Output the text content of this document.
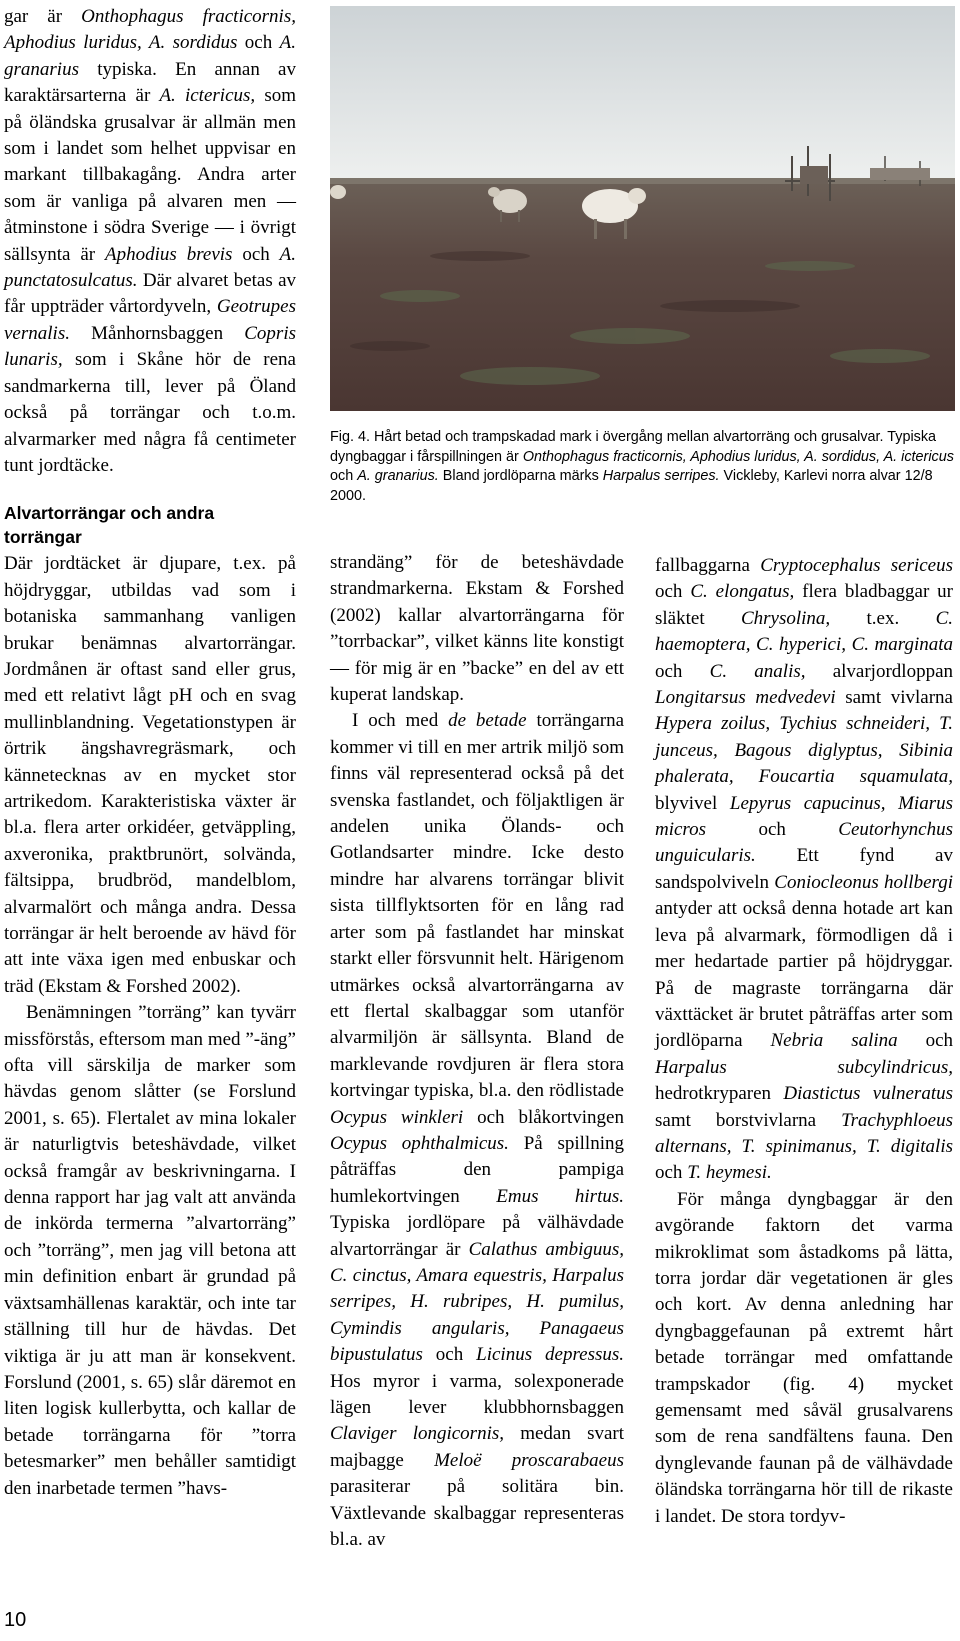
gar är Onthophagus fracticornis, Aphodius luridus, A. sordidus och A. granarius typiska. En annan av karaktärsarterna är A. ictericus, som på öländska grusalvar är allmän men som i landet som helhet uppvisar en markant tillbakagång. Andra arter som är vanliga på alvaren men — åtminstone i södra Sverige — i övrigt sällsynta är Aphodius brevis och A. punctatosulcatus. Där alvaret betas av får uppträder vårtordyveln, Geotrupes vernalis. Månhornsbaggen Copris lunaris, som i Skåne hör de rena sandmarkerna till, lever på Öland också på torrängar och t.o.m. alvarmarker med några få centimeter tunt jordtäcke.

Alvartorrängar och andra torrängar

Där jordtäcket är djupare, t.ex. på höjdryggar, utbildas vad som i botaniska sammanhang vanligen brukar benämnas alvartorrängar. Jordmånen är oftast sand eller grus, med ett relativt lågt pH och en svag mullinblandning. Vegetationstypen är örtrik ängshavregräsmark, och kännetecknas av en mycket stor artrikedom. Karakteristiska växter är bl.a. flera arter orkidéer, getväppling, axveronika, praktbrunört, solvända, fältsippa, brudbröd, mandelblom, alvarmalört och många andra. Dessa torrängar är helt beroende av hävd för att inte växa igen med enbuskar och träd (Ekstam & Forshed 2002).

Benämningen ”torräng” kan tyvärr missförstås, eftersom man med ”-äng” ofta vill särskilja de marker som hävdas genom slåtter (se Forslund 2001, s. 65). Flertalet av mina lokaler är naturligtvis beteshävdade, vilket också framgår av beskrivningarna. I denna rapport har jag valt att använda de inkörda termerna ”alvartorräng” och ”torräng”, men jag vill betona att min definition enbart är grundad på växtsamhällenas karaktär, och inte tar ställning till hur de hävdas. Det viktiga är ju att man är konsekvent. Forslund (2001, s. 65) slår däremot en liten logisk kullerbytta, och kallar de betade torrängarna för ”torra betesmarker” men behåller samtidigt den inarbetade termen ”havs-

Fig. 4. Hårt betad och trampskadad mark i övergång mellan alvartorräng och grusalvar. Typiska dyngbaggar i fårspillningen är Onthophagus fracticornis, Aphodius luridus, A. sordidus, A. ictericus och A. granarius. Bland jordlöparna märks Harpalus serripes. Vickleby, Karlevi norra alvar 12/8 2000.

strandäng” för de beteshävdade strandmarkerna. Ekstam & Forshed (2002) kallar alvartorrängarna för ”torrbackar”, vilket känns lite konstigt — för mig är en ”backe” en del av ett kuperat landskap.

I och med de betade torrängarna kommer vi till en mer artrik miljö som finns väl representerad också på det svenska fastlandet, och följaktligen är andelen unika Ölands- och Gotlandsarter mindre. Icke desto mindre har alvarens torrängar blivit sista tillflyktsorten för en lång rad arter som på fastlandet har minskat starkt eller försvunnit helt. Härigenom utmärkes också alvartorrängarna av ett flertal skalbaggar som utanför alvarmiljön är sällsynta. Bland de marklevande rovdjuren är flera stora kortvingar typiska, bl.a. den rödlistade Ocypus winkleri och blåkortvingen Ocypus ophthalmicus. På spillning påträffas den pampiga humlekortvingen Emus hirtus. Typiska jordlöpare på välhävdade alvartorrängar är Calathus ambiguus, C. cinctus, Amara equestris, Harpalus serripes, H. rubripes, H. pumilus, Cymindis angularis, Panagaeus bipustulatus och Licinus depressus. Hos myror i varma, solexponerade lägen lever klubbhornsbaggen Claviger longicornis, medan svart majbagge Meloë proscarabaeus parasiterar på solitära bin. Växtlevande skalbaggar representeras bl.a. av

fallbaggarna Cryptocephalus sericeus och C. elongatus, flera bladbaggar ur släktet Chrysolina, t.ex. C. haemoptera, C. hyperici, C. marginata och C. analis, alvarjordloppan Longitarsus medvedevi samt vivlarna Hypera zoilus, Tychius schneideri, T. junceus, Bagous diglyptus, Sibinia phalerata, Foucartia squamulata, blyvivel Lepyrus capucinus, Miarus micros och Ceutorhynchus unguicularis. Ett fynd av sandspolviveln Coniocleonus hollbergi antyder att också denna hotade art kan leva på alvarmark, förmodligen då i mer hedartade partier på höjdryggar. På de magraste torrängarna där växttäcket är brutet påträffas arter som jordlöparna Nebria salina och Harpalus subcylindricus, hedrotkryparen Diastictus vulneratus samt borstvivlarna Trachyphloeus alternans, T. spinimanus, T. digitalis och T. heymesi.

För många dyngbaggar är den avgörande faktorn det varma mikroklimat som åstadkoms på lätta, torra jordar där vegetationen är gles och kort. Av denna anledning har dyngbaggefaunan på extremt hårt betade torrängar med omfattande trampskador (fig. 4) mycket gemensamt med såväl grusalvarens som de rena sandfältens fauna. Den dynglevande faunan på de välhävdade öländska torrängarna hör till de rikaste i landet. De stora tordyv-

10
